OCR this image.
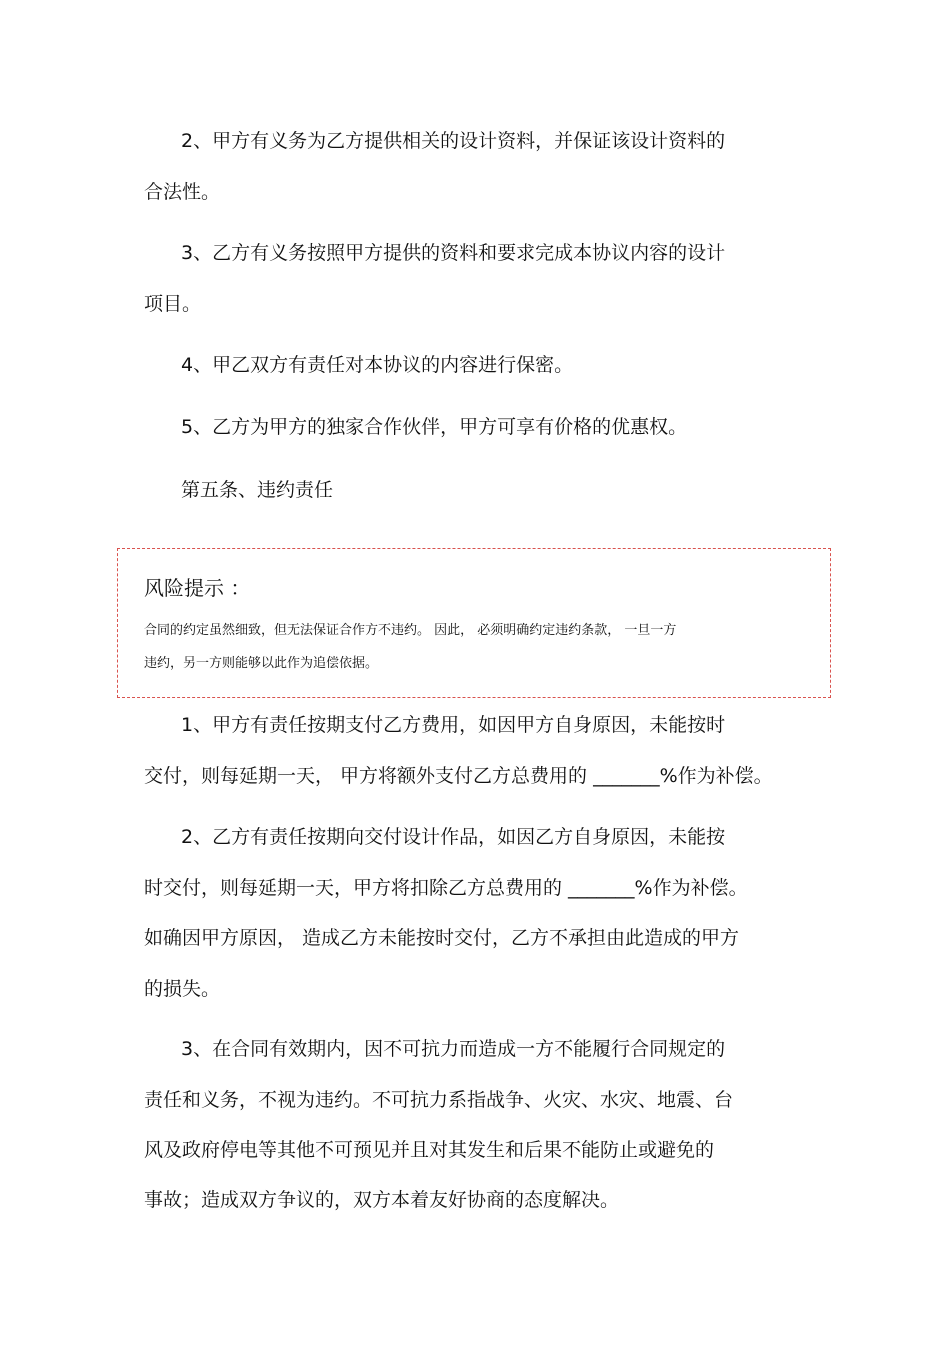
2、甲方有义务为乙方提供相关的设计资料，并保证该设计资料的
合法性。
3、乙方有义务按照甲方提供的资料和要求完成本协议内容的设计
项目。
4、甲乙双方有责任对本协议的内容进行保密。
5、乙方为甲方的独家合作伙伴，甲方可享有价格的优惠权。
第五条、违约责任
风险提示 ：
合同的约定虽然细致，但无法保证合作方不违约。 因此， 必须明确约定违约条款， 一旦一方
违约，另一方则能够以此作为追偿依据。
1、甲方有责任按期支付乙方费用，如因甲方自身原因，未能按时
交付，则每延期一天， 甲方将额外支付乙方总费用的 _______%作为补偿。
2、乙方有责任按期向交付设计作品，如因乙方自身原因，未能按
时交付，则每延期一天，甲方将扣除乙方总费用的 _______%作为补偿。
如确因甲方原因， 造成乙方未能按时交付，乙方不承担由此造成的甲方
的损失。
3、在合同有效期内，因不可抗力而造成一方不能履行合同规定的
责任和义务，不视为违约。不可抗力系指战争、火灾、水灾、地震、台
风及政府停电等其他不可预见并且对其发生和后果不能防止或避免的
事故；造成双方争议的，双方本着友好协商的态度解决。
